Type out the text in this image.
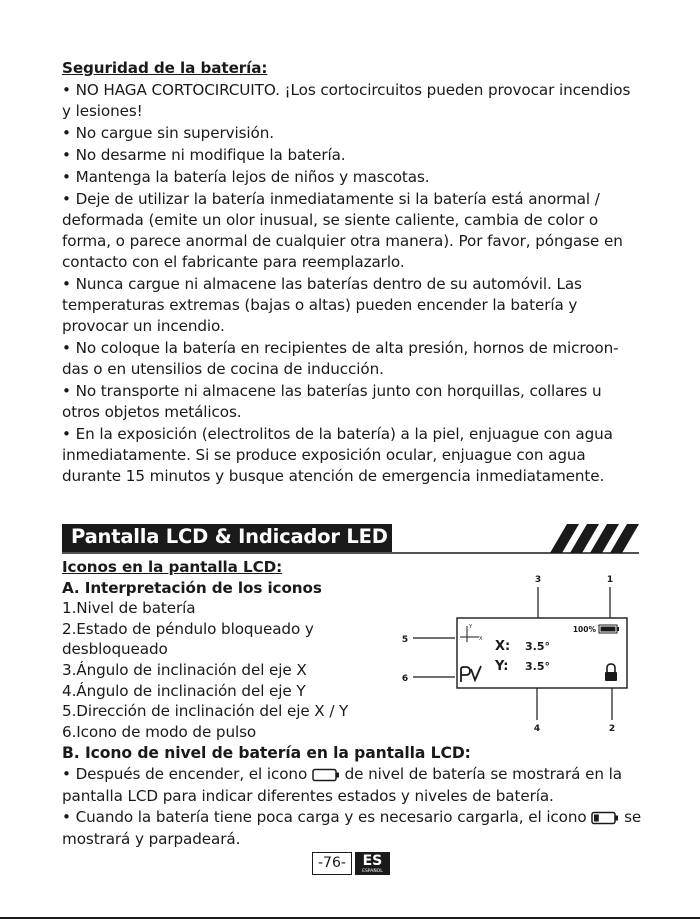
Seguridad de la batería:

• NO HAGA CORTOCIRCUITO. ¡Los cortocircuitos pueden provocar incendios y lesiones!

• No cargue sin supervisión.

• No desarme ni modifique la batería.

• Mantenga la batería lejos de niños y mascotas.

• Deje de utilizar la batería inmediatamente si la batería está anormal / deformada (emite un olor inusual, se siente caliente, cambia de color o forma, o parece anormal de cualquier otra manera). Por favor, póngase en contacto con el fabricante para reemplazarlo.

• Nunca cargue ni almacene las baterías dentro de su automóvil. Las temperaturas extremas (bajas o altas) pueden encender la batería y provocar un incendio.

• No coloque la batería en recipientes de alta presión, hornos de microon-das o en utensilios de cocina de inducción.

• No transporte ni almacene las baterías junto con horquillas, collares u otros objetos metálicos.

• En la exposición (electrolitos de la batería) a la piel, enjuague con agua inmediatamente. Si se produce exposición ocular, enjuague con agua durante 15 minutos y busque atención de emergencia inmediatamente.

Pantalla LCD & Indicador LED
Iconos en la pantalla LCD:
A. Interpretación de los iconos
1.Nivel de batería
2.Estado de péndulo bloqueado y
desbloqueado
3.Ángulo de inclinación del eje X
4.Ángulo de inclinación del eje Y
5.Dirección de inclinación del eje X / Y
6.Icono de modo de pulso
3	1
5
6
4	2
Y
X
100%
X: 3.5°
Y: 3.5°
B. Icono de nivel de batería en la pantalla LCD:
• Después de encender, el icono de nivel de batería se mostrará en la pantalla LCD para indicar diferentes estados y niveles de batería.
• Cuando la batería tiene poca carga y es necesario cargarla, el icono se mostrará y parpadeará.
-76-	ES
ESPAÑOL
